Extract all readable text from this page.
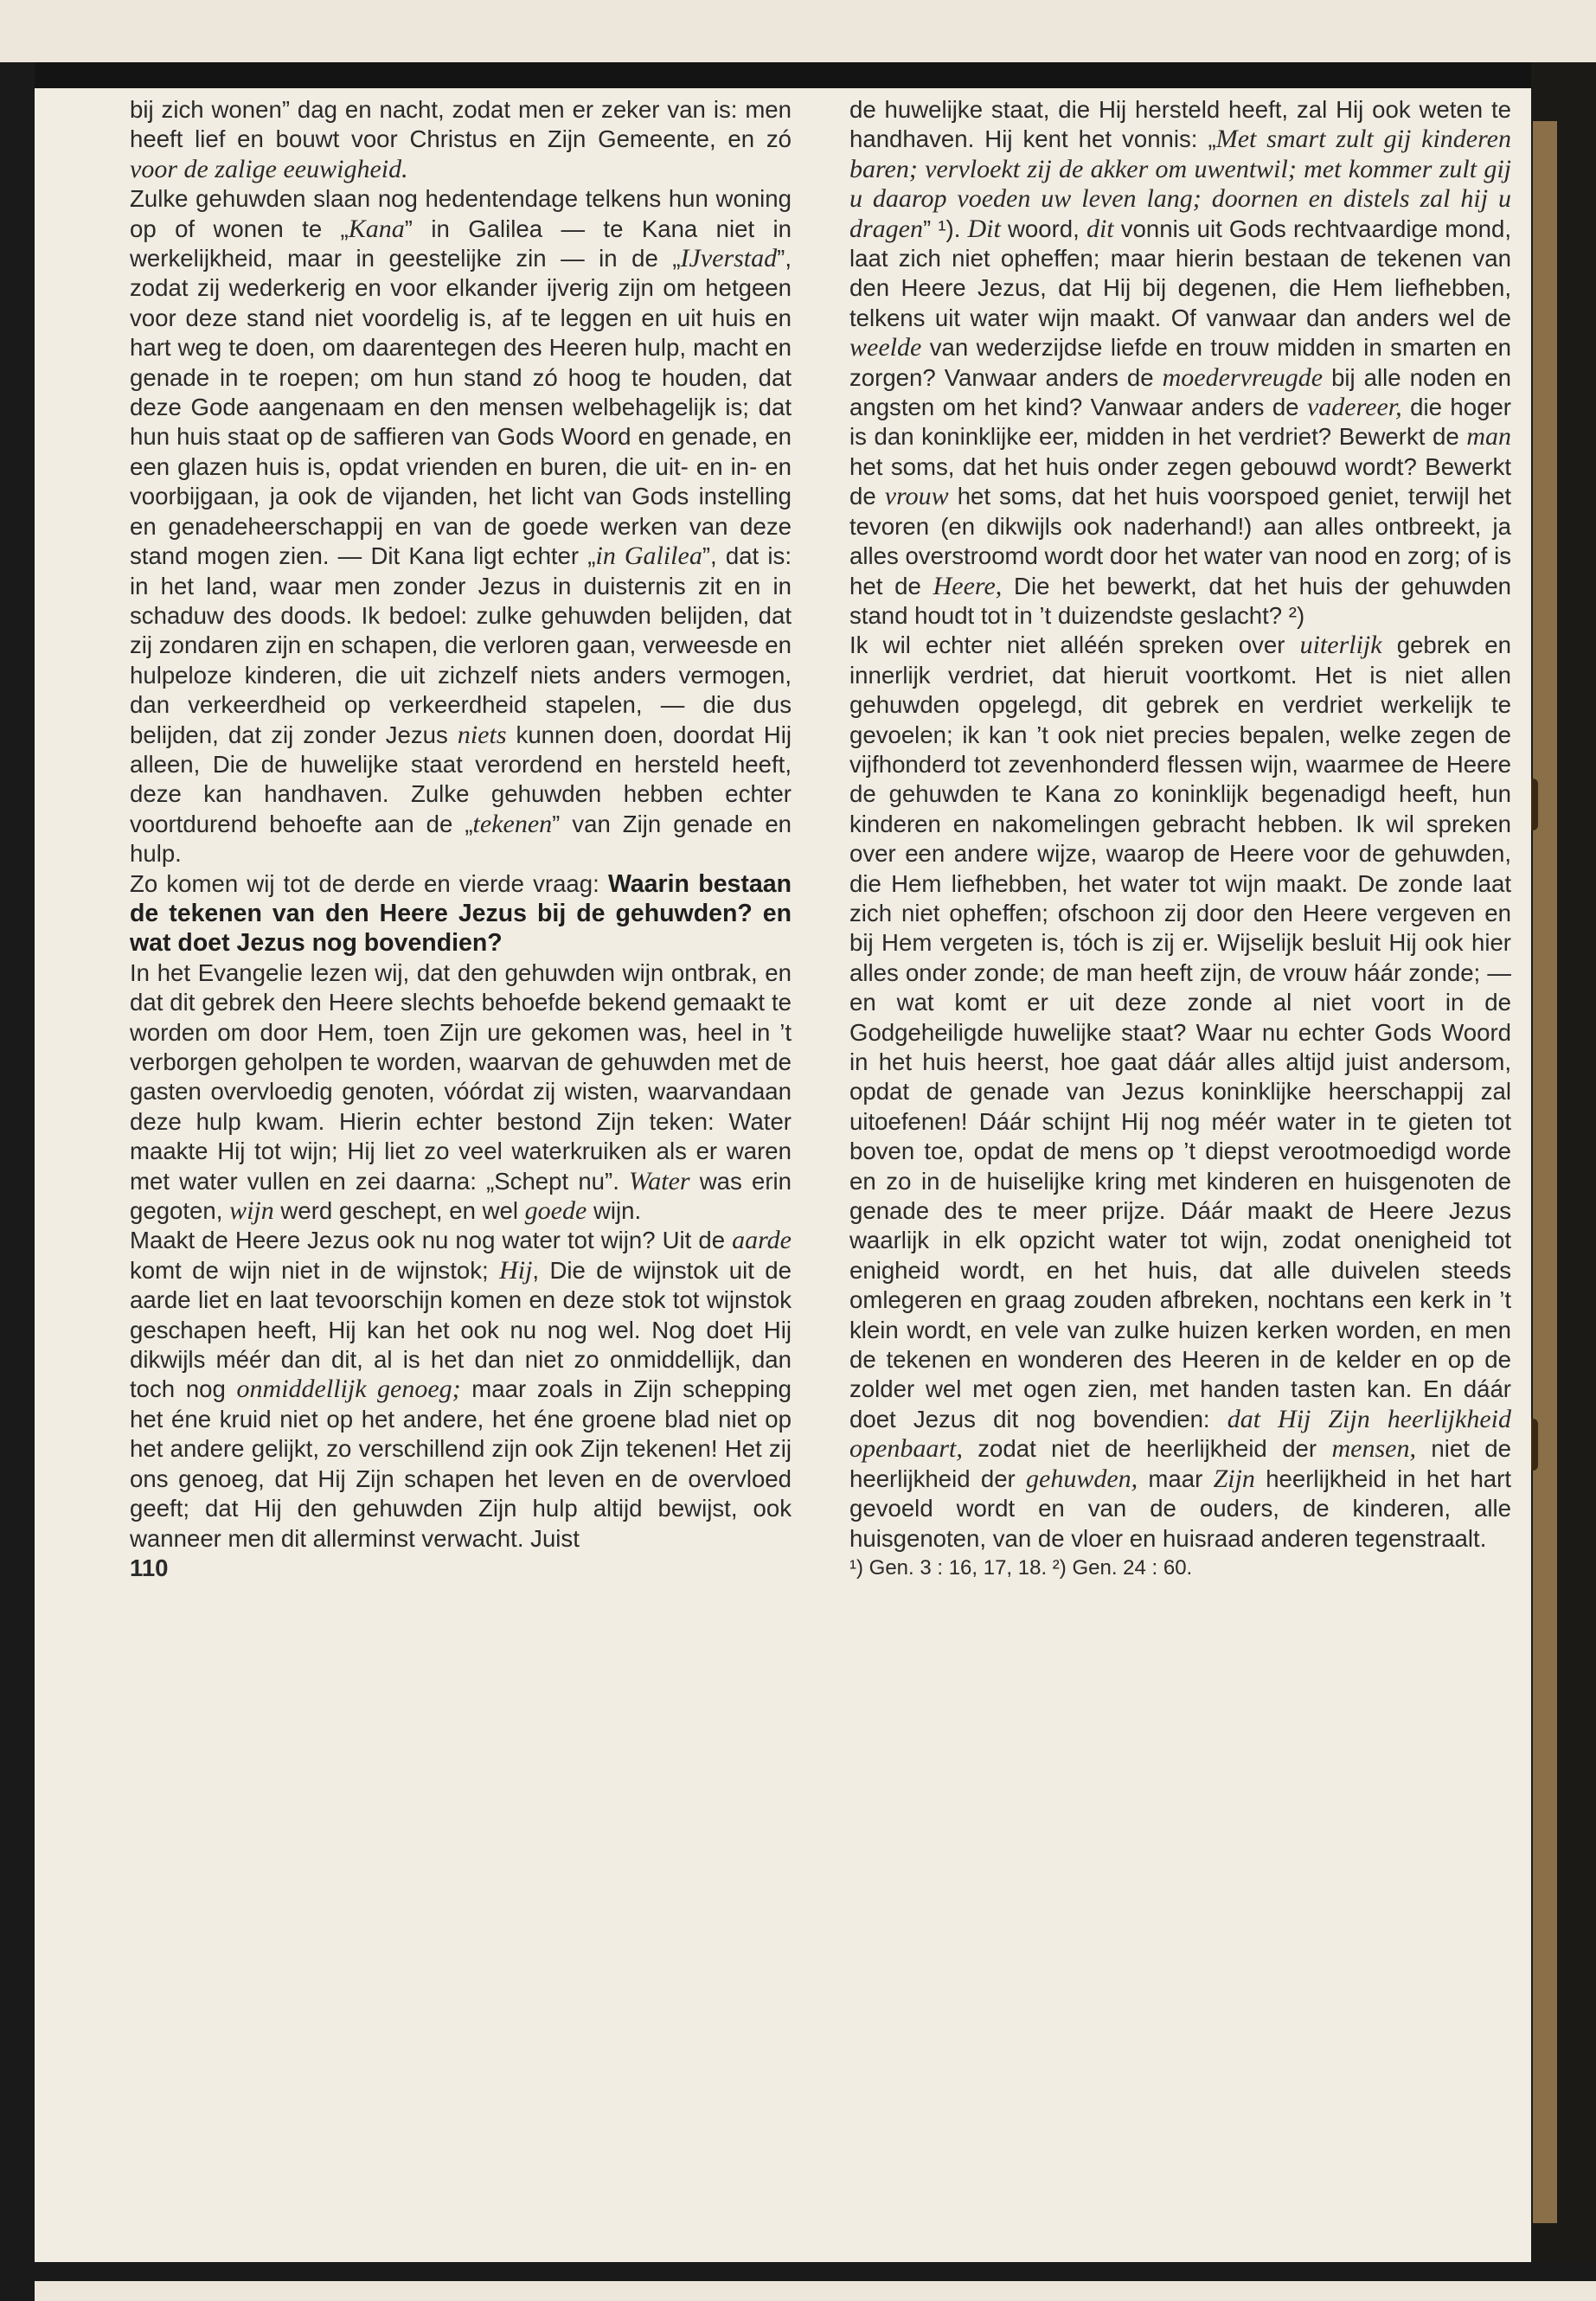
bij zich wonen” dag en nacht, zodat men er zeker van is: men heeft lief en bouwt voor Christus en Zijn Gemeente, en zó voor de zalige eeuwigheid.

Zulke gehuwden slaan nog hedentendage telkens hun woning op of wonen te „Kana” in Galilea — te Kana niet in werkelijkheid, maar in geestelijke zin — in de „IJverstad”, zodat zij wederkerig en voor elkander ijverig zijn om hetgeen voor deze stand niet voordelig is, af te leggen en uit huis en hart weg te doen, om daarentegen des Heeren hulp, macht en genade in te roepen; om hun stand zó hoog te houden, dat deze Gode aangenaam en den mensen welbehagelijk is; dat hun huis staat op de saffieren van Gods Woord en genade, en een glazen huis is, opdat vrienden en buren, die uit- en in- en voorbijgaan, ja ook de vijanden, het licht van Gods instelling en genadeheerschappij en van de goede werken van deze stand mogen zien. — Dit Kana ligt echter „in Galilea”, dat is: in het land, waar men zonder Jezus in duisternis zit en in schaduw des doods. Ik bedoel: zulke gehuwden belijden, dat zij zondaren zijn en schapen, die verloren gaan, verweesde en hulpeloze kinderen, die uit zichzelf niets anders vermogen, dan verkeerdheid op verkeerdheid stapelen, — die dus belijden, dat zij zonder Jezus niets kunnen doen, doordat Hij alleen, Die de huwelijke staat verordend en hersteld heeft, deze kan handhaven. Zulke gehuwden hebben echter voortdurend behoefte aan de „tekenen” van Zijn genade en hulp.

Zo komen wij tot de derde en vierde vraag: Waarin bestaan de tekenen van den Heere Jezus bij de gehuwden? en wat doet Jezus nog bovendien?

In het Evangelie lezen wij, dat den gehuwden wijn ontbrak, en dat dit gebrek den Heere slechts behoefde bekend gemaakt te worden om door Hem, toen Zijn ure gekomen was, heel in ’t verborgen geholpen te worden, waarvan de gehuwden met de gasten overvloedig genoten, vóórdat zij wisten, waarvandaan deze hulp kwam. Hierin echter bestond Zijn teken: Water maakte Hij tot wijn; Hij liet zo veel waterkruiken als er waren met water vullen en zei daarna: „Schept nu”. Water was erin gegoten, wijn werd geschept, en wel goede wijn.

Maakt de Heere Jezus ook nu nog water tot wijn? Uit de aarde komt de wijn niet in de wijnstok; Hij, Die de wijnstok uit de aarde liet en laat tevoorschijn komen en deze stok tot wijnstok geschapen heeft, Hij kan het ook nu nog wel. Nog doet Hij dikwijls méér dan dit, al is het dan niet zo onmiddellijk, dan toch nog onmiddellijk genoeg; maar zoals in Zijn schepping het éne kruid niet op het andere, het éne groene blad niet op het andere gelijkt, zo verschillend zijn ook Zijn tekenen! Het zij ons genoeg, dat Hij Zijn schapen het leven en de overvloed geeft; dat Hij den gehuwden Zijn hulp altijd bewijst, ook wanneer men dit allerminst verwacht. Juist

110

de huwelijke staat, die Hij hersteld heeft, zal Hij ook weten te handhaven. Hij kent het vonnis: „Met smart zult gij kinderen baren; vervloekt zij de akker om uwentwil; met kommer zult gij u daarop voeden uw leven lang; doornen en distels zal hij u dragen” ¹). Dit woord, dit vonnis uit Gods rechtvaardige mond, laat zich niet opheffen; maar hierin bestaan de tekenen van den Heere Jezus, dat Hij bij degenen, die Hem liefhebben, telkens uit water wijn maakt. Of vanwaar dan anders wel de weelde van wederzijdse liefde en trouw midden in smarten en zorgen? Vanwaar anders de moedervreugde bij alle noden en angsten om het kind? Vanwaar anders de vadereer, die hoger is dan koninklijke eer, midden in het verdriet? Bewerkt de man het soms, dat het huis onder zegen gebouwd wordt? Bewerkt de vrouw het soms, dat het huis voorspoed geniet, terwijl het tevoren (en dikwijls ook naderhand!) aan alles ontbreekt, ja alles overstroomd wordt door het water van nood en zorg; of is het de Heere, Die het bewerkt, dat het huis der gehuwden stand houdt tot in ’t duizendste geslacht? ²)

Ik wil echter niet alléén spreken over uiterlijk gebrek en innerlijk verdriet, dat hieruit voortkomt. Het is niet allen gehuwden opgelegd, dit gebrek en verdriet werkelijk te gevoelen; ik kan ’t ook niet precies bepalen, welke zegen de vijfhonderd tot zevenhonderd flessen wijn, waarmee de Heere de gehuwden te Kana zo koninklijk begenadigd heeft, hun kinderen en nakomelingen gebracht hebben. Ik wil spreken over een andere wijze, waarop de Heere voor de gehuwden, die Hem liefhebben, het water tot wijn maakt. De zonde laat zich niet opheffen; ofschoon zij door den Heere vergeven en bij Hem vergeten is, tóch is zij er. Wijselijk besluit Hij ook hier alles onder zonde; de man heeft zijn, de vrouw háár zonde; — en wat komt er uit deze zonde al niet voort in de Godgeheiligde huwelijke staat? Waar nu echter Gods Woord in het huis heerst, hoe gaat dáár alles altijd juist andersom, opdat de genade van Jezus koninklijke heerschappij zal uitoefenen! Dáár schijnt Hij nog méér water in te gieten tot boven toe, opdat de mens op ’t diepst verootmoedigd worde en zo in de huiselijke kring met kinderen en huisgenoten de genade des te meer prijze. Dáár maakt de Heere Jezus waarlijk in elk opzicht water tot wijn, zodat onenigheid tot enigheid wordt, en het huis, dat alle duivelen steeds omlegeren en graag zouden afbreken, nochtans een kerk in ’t klein wordt, en vele van zulke huizen kerken worden, en men de tekenen en wonderen des Heeren in de kelder en op de zolder wel met ogen zien, met handen tasten kan. En dáár doet Jezus dit nog bovendien: dat Hij Zijn heerlijkheid openbaart, zodat niet de heerlijkheid der mensen, niet de heerlijkheid der gehuwden, maar Zijn heerlijkheid in het hart gevoeld wordt en van de ouders, de kinderen, alle huisgenoten, van de vloer en huisraad anderen tegenstraalt.

¹) Gen. 3 : 16, 17, 18. ²) Gen. 24 : 60.
